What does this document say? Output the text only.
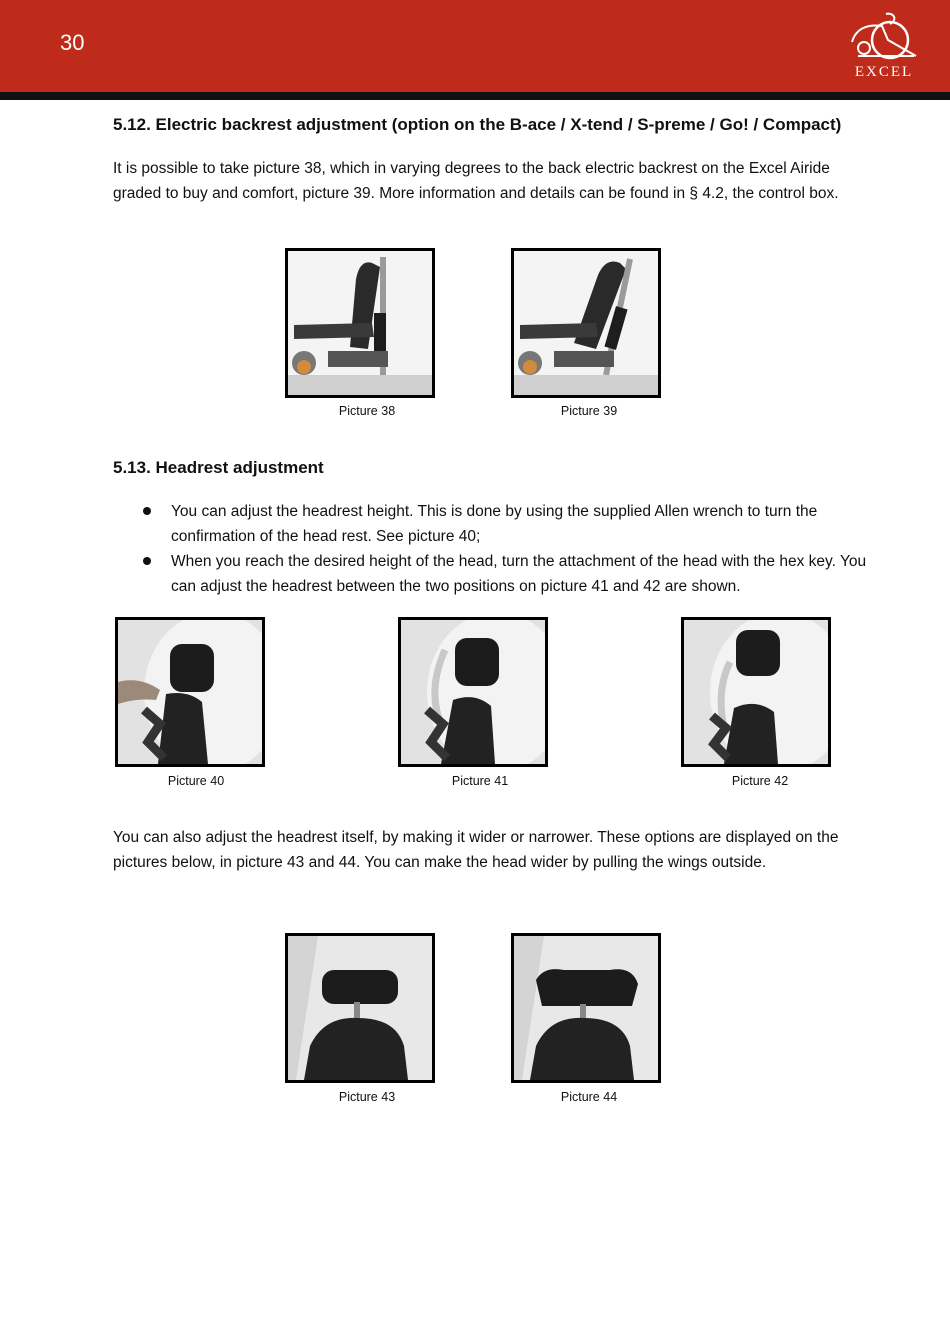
30
EXCEL
5.12. Electric backrest adjustment (option on the B-ace / X-tend / S-preme / Go! / Compact)

It is possible to take picture 38, which in varying degrees to the back electric backrest on the Excel Airide graded to buy and comfort, picture 39. More information and details can be found in § 4.2, the control box.

Picture 38	Picture 39
5.13. Headrest adjustment
You can adjust the headrest height. This is done by using the supplied Allen wrench to turn the confirmation of the head rest. See picture 40;
When you reach the desired height of the head, turn the attachment of the head with the hex key. You can adjust the headrest between the two positions on picture 41 and 42 are shown.
Picture 40	Picture 41	Picture 42

You can also adjust the headrest itself, by making it wider or narrower. These options are displayed on the pictures below, in picture 43 and 44. You can make the head wider by pulling the wings outside.

Picture 43	Picture 44
